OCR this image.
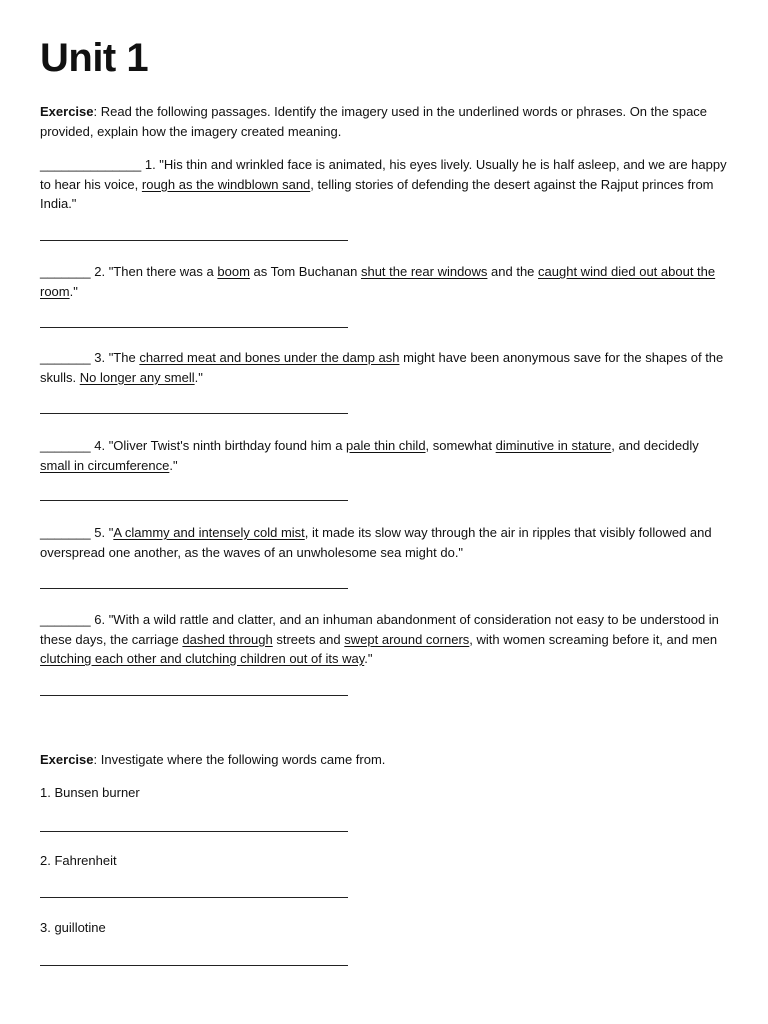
Unit 1

Exercise: Read the following passages. Identify the imagery used in the underlined words or phrases. On the space provided, explain how the imagery created meaning.

______________ 1. "His thin and wrinkled face is animated, his eyes lively. Usually he is half asleep, and we are happy to hear his voice, rough as the windblown sand, telling stories of defending the desert against the Rajput princes from India."

_______ 2. "Then there was a boom as Tom Buchanan shut the rear windows and the caught wind died out about the room."

_______ 3. "The charred meat and bones under the damp ash might have been anonymous save for the shapes of the skulls. No longer any smell."

_______ 4. "Oliver Twist's ninth birthday found him a pale thin child, somewhat diminutive in stature, and decidedly small in circumference."

_______ 5. "A clammy and intensely cold mist, it made its slow way through the air in ripples that visibly followed and overspread one another, as the waves of an unwholesome sea might do."

_______ 6. "With a wild rattle and clatter, and an inhuman abandonment of consideration not easy to be understood in these days, the carriage dashed through streets and swept around corners, with women screaming before it, and men clutching each other and clutching children out of its way."

Exercise: Investigate where the following words came from.

1. Bunsen burner

2. Fahrenheit

3. guillotine
